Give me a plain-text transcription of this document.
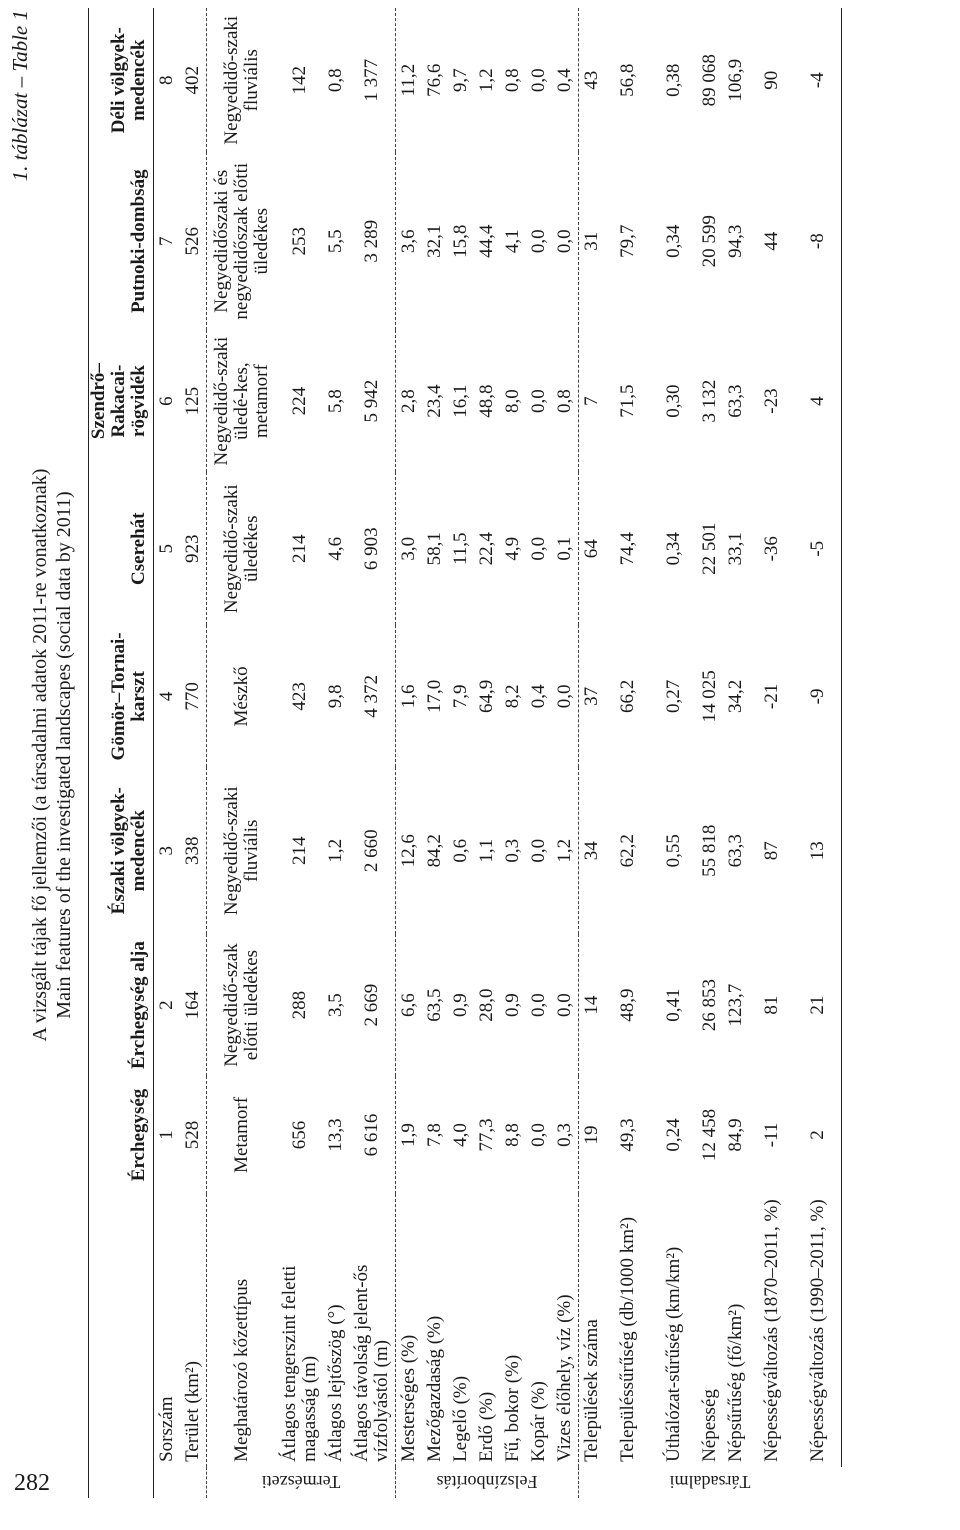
282
1. táblázat – Table 1
A vizsgált tájak fő jellemzői (a társadalmi adatok 2011-re vonatkoznak) Main features of the investigated landscapes (social data by 2011)
		Érchegység	Érchegység alja	Északi völgyek-medencék	Gömör–Tornai-karszt	Cserehát	Szendrő–Rakacai-rögvidék	Putnoki-dombság	Déli völgyek-medencék
	Sorszám	1	2	3	4	5	6	7	8
	Terület (km²)	528	164	338	770	923	125	526	402

Természeti	Meghatározó kőzettípus	Metamorf	Negyedidő-szak előtti üledékes	Negyedidő-szaki fluviális	Mészkő	Negyedidő-szaki üledékes	Negyedidő-szaki üledé-kes, metamorf	Negyedidőszaki és negyedidőszak előtti üledékes	Negyedidő-szaki fluviális
	Átlagos tengerszint feletti magasság (m)	656	288	214	423	214	224	253	142
	Átlagos lejtőszög (°)	13,3	3,5	1,2	9,8	4,6	5,8	5,5	0,8
	Átlagos távolság jelent-ős vízfolyástól (m)	6 616	2 669	2 660	4 372	6 903	5 942	3 289	1 377

Felszínborítás	Mesterséges (%)	1,9	6,6	12,6	1,6	3,0	2,8	3,6	11,2
	Mezőgazdaság (%)	7,8	63,5	84,2	17,0	58,1	23,4	32,1	76,6
	Legelő (%)	4,0	0,9	0,6	7,9	11,5	16,1	15,8	9,7
	Erdő (%)	77,3	28,0	1,1	64,9	22,4	48,8	44,4	1,2
	Fű, bokor (%)	8,8	0,9	0,3	8,2	4,9	8,0	4,1	0,8
	Kopár (%)	0,0	0,0	0,0	0,4	0,0	0,0	0,0	0,0
	Vizes élőhely, víz (%)	0,3	0,0	1,2	0,0	0,1	0,8	0,0	0,4

Társadalmi	Települések száma	19	14	34	37	64	7	31	43
	Településsűrűség (db/1000 km²)	49,3	48,9	62,2	66,2	74,4	71,5	79,7	56,8
	Úthálózat-sűrűség (km/km²)	0,24	0,41	0,55	0,27	0,34	0,30	0,34	0,38
	Népesség	12 458	26 853	55 818	14 025	22 501	3 132	20 599	89 068
	Népsűrűség (fő/km²)	84,9	123,7	63,3	34,2	33,1	63,3	94,3	106,9
	Népességváltozás (1870–2011, %)	-11	81	87	-21	-36	-23	44	90
	Népességváltozás (1990–2011, %)	2	21	13	-9	-5	4	-8	-4
